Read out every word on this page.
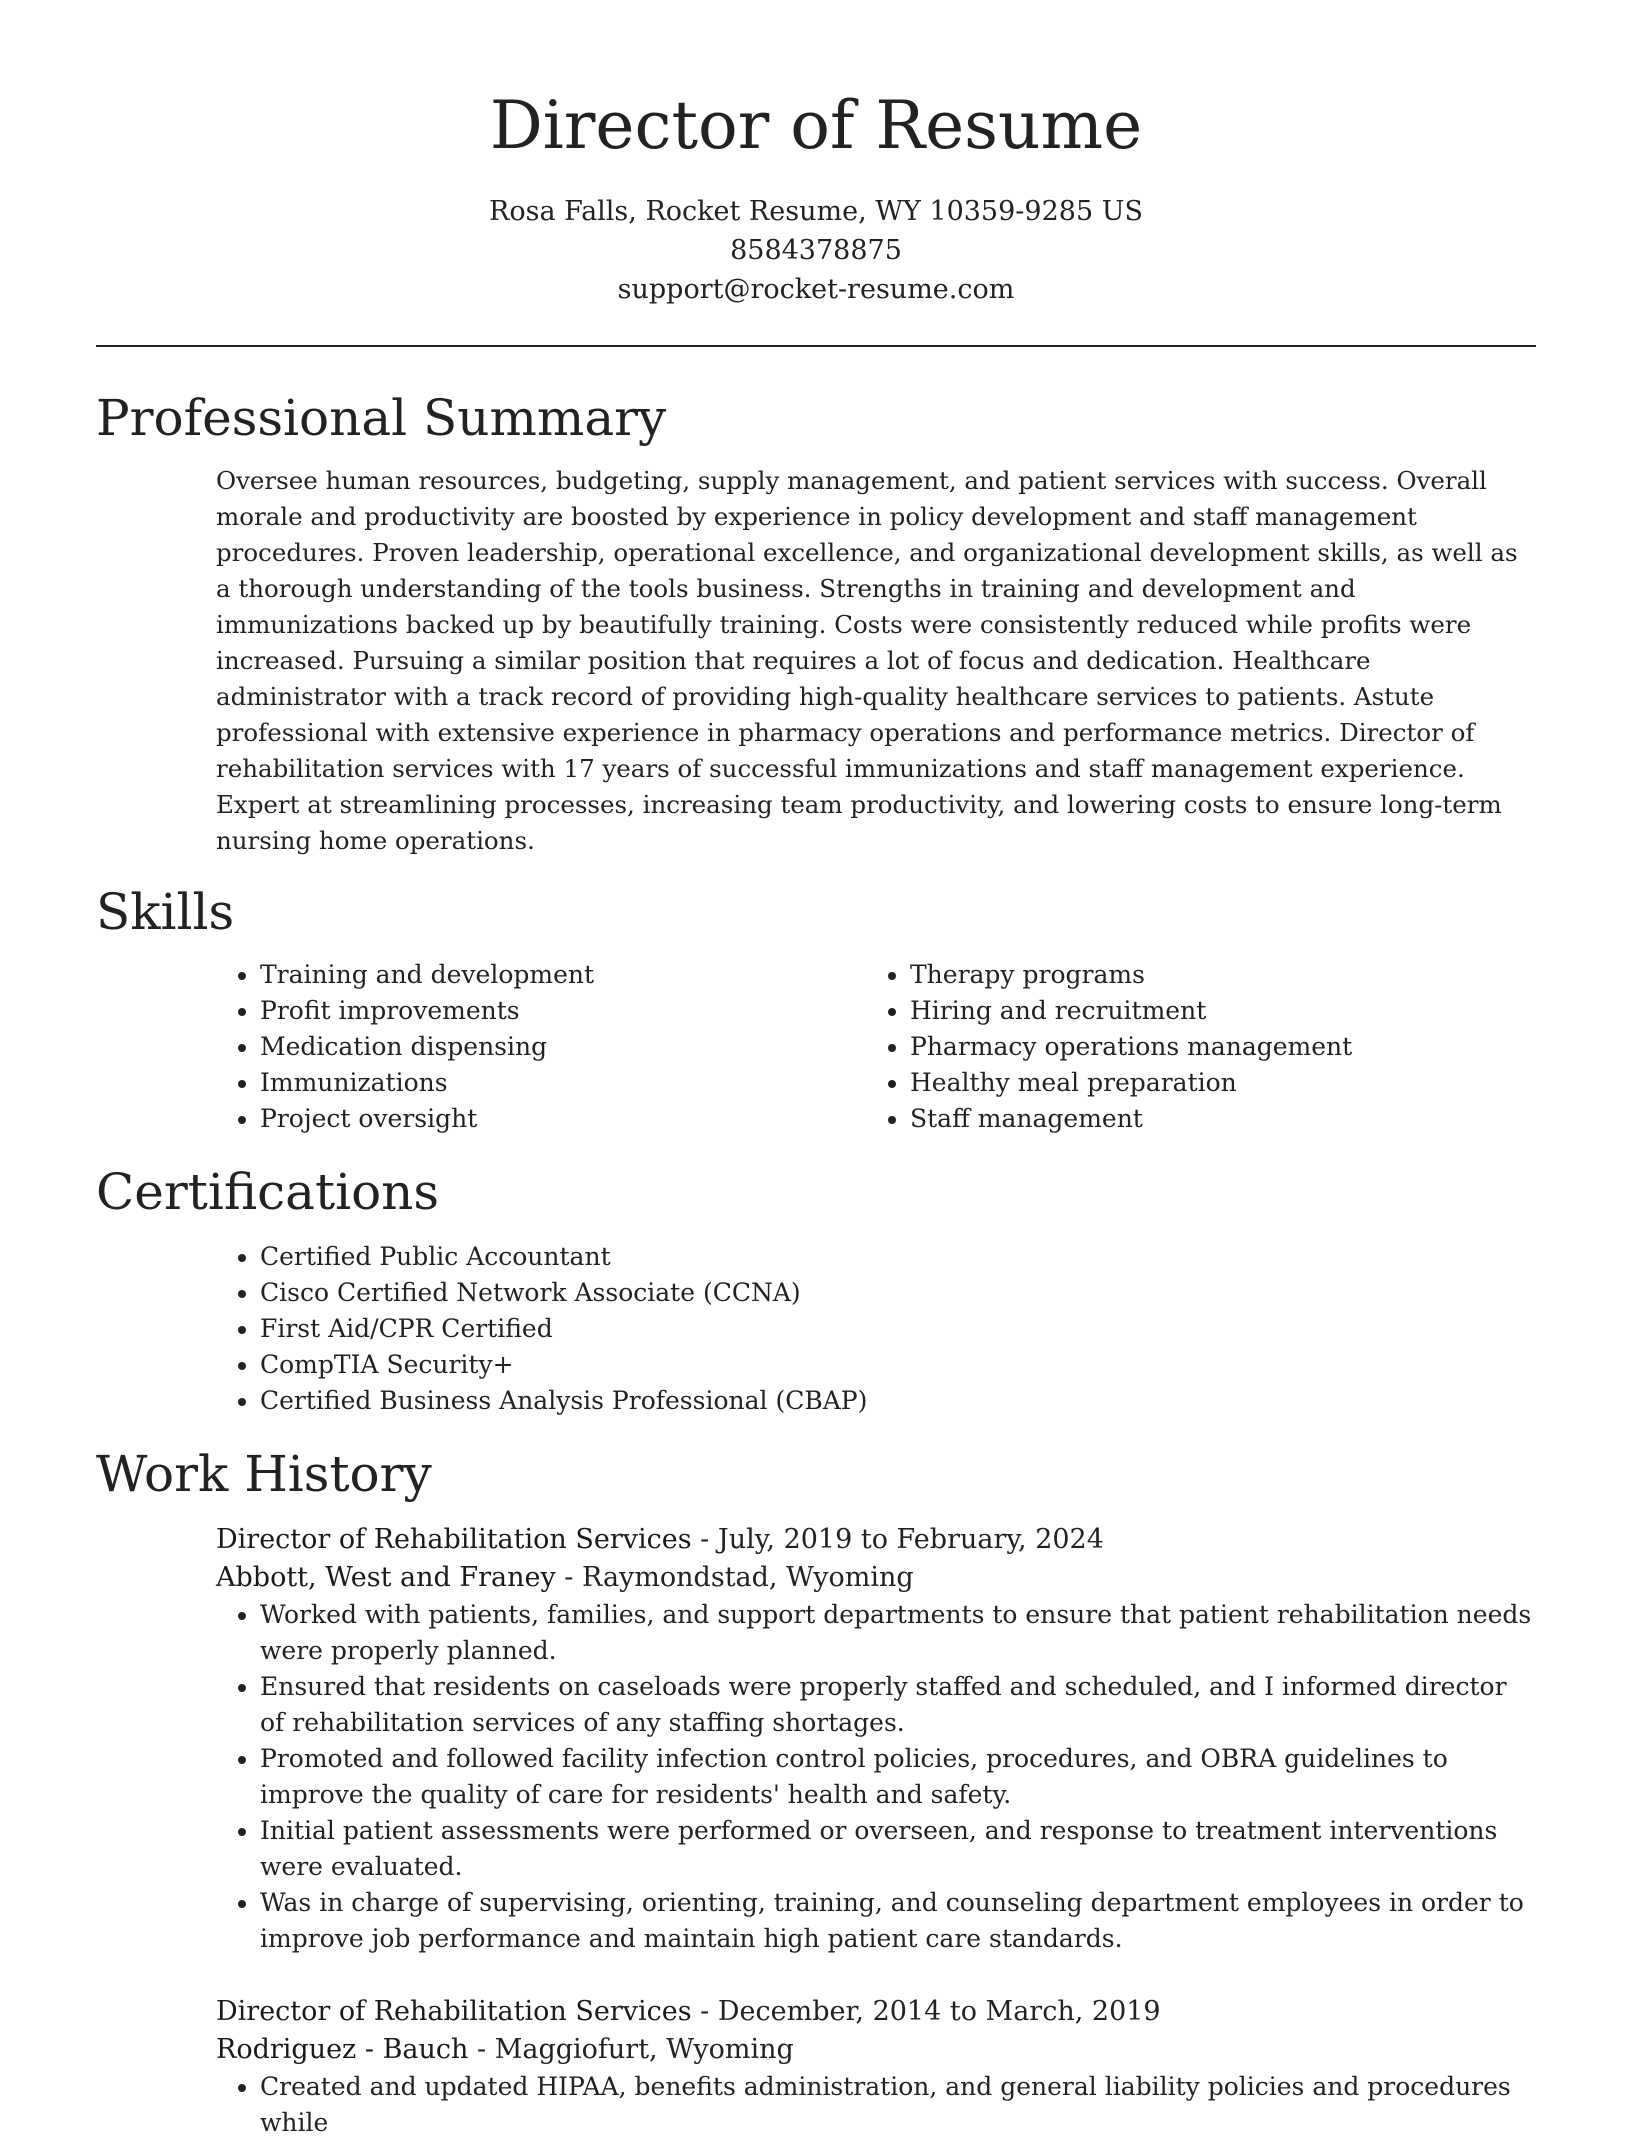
Director of Resume
Rosa Falls, Rocket Resume, WY 10359-9285 US
8584378875
support@rocket-resume.com
Professional Summary

Oversee human resources, budgeting, supply management, and patient services with success. Overall morale and productivity are boosted by experience in policy development and staff management procedures. Proven leadership, operational excellence, and organizational development skills, as well as a thorough understanding of the tools business. Strengths in training and development and immunizations backed up by beautifully training. Costs were consistently reduced while profits were increased. Pursuing a similar position that requires a lot of focus and dedication. Healthcare administrator with a track record of providing high-quality healthcare services to patients. Astute professional with extensive experience in pharmacy operations and performance metrics. Director of rehabilitation services with 17 years of successful immunizations and staff management experience. Expert at streamlining processes, increasing team productivity, and lowering costs to ensure long-term nursing home operations.

Skills
• Training and development
• Profit improvements
• Medication dispensing
• Immunizations
• Project oversight
• Therapy programs
• Hiring and recruitment
• Pharmacy operations management
• Healthy meal preparation
• Staff management
Certifications
• Certified Public Accountant
• Cisco Certified Network Associate (CCNA)
• First Aid/CPR Certified
• CompTIA Security+
• Certified Business Analysis Professional (CBAP)
Work History
Director of Rehabilitation Services - July, 2019 to February, 2024
Abbott, West and Franey - Raymondstad, Wyoming
• Worked with patients, families, and support departments to ensure that patient rehabilitation needs were properly planned.
• Ensured that residents on caseloads were properly staffed and scheduled, and I informed director of rehabilitation services of any staffing shortages.
• Promoted and followed facility infection control policies, procedures, and OBRA guidelines to improve the quality of care for residents' health and safety.
• Initial patient assessments were performed or overseen, and response to treatment interventions were evaluated.
• Was in charge of supervising, orienting, training, and counseling department employees in order to improve job performance and maintain high patient care standards.
Director of Rehabilitation Services - December, 2014 to March, 2019
Rodriguez - Bauch - Maggiofurt, Wyoming
• Created and updated HIPAA, benefits administration, and general liability policies and procedures while
